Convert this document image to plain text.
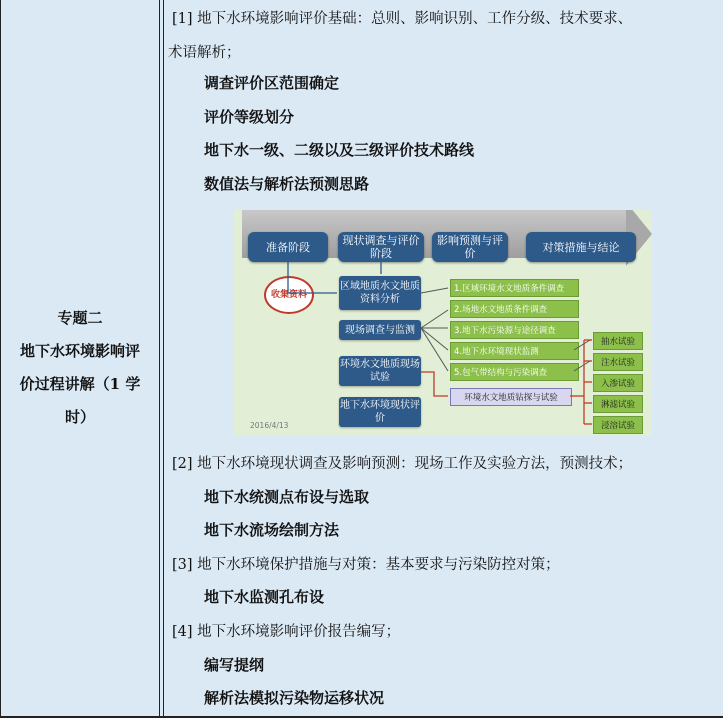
专题二
地下水环境影响评
价过程讲解（1 学
时）
[1] 地下水环境影响评价基础：总则、影响识别、工作分级、技术要求、
术语解析；
调查评价区范围确定
评价等级划分
地下水一级、二级以及三级评价技术路线
数值法与解析法预测思路
准备阶段	现状调查与评价阶段
影响预测与评价	对策措施与结论
收集资料
区域地质水文地质资料分析
现场调查与监测
环境水文地质现场试验
地下水环境现状评价
1.区域环境水文地质条件调查
2.场地水文地质条件调查
3.地下水污染源与途径调查
4.地下水环境现状监测
5.包气带结构与污染调查
环境水文地质钻探与试验
抽水试验
注水试验
入渗试验
淋滤试验
浸溶试验
2016/4/13
[2] 地下水环境现状调查及影响预测：现场工作及实验方法，预测技术；
地下水统测点布设与选取
地下水流场绘制方法
[3] 地下水环境保护措施与对策：基本要求与污染防控对策；
地下水监测孔布设
[4] 地下水环境影响评价报告编写；
编写提纲
解析法模拟污染物运移状况
